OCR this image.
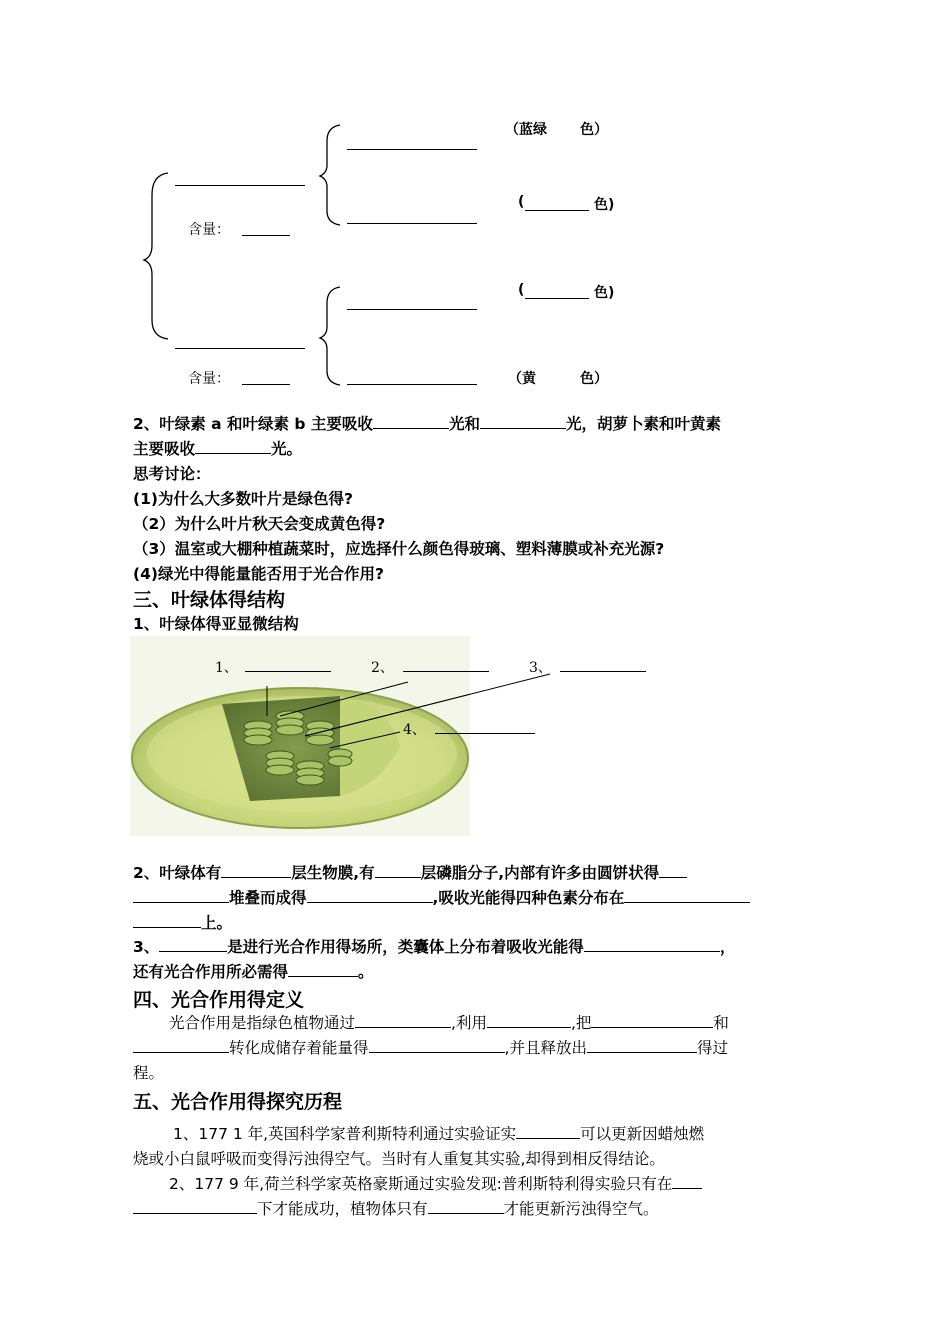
含量：
含量：
（蓝绿 色）
(	色)
(	色)
（黄	色）
2、叶绿素 a 和叶绿素 b 主要吸收	光和	光，胡萝卜素和叶黄素
主要吸收	光。
思考讨论：
(1)为什么大多数叶片是绿色得?
（2）为什么叶片秋天会变成黄色得?
（3）温室或大棚种植蔬菜时，应选择什么颜色得玻璃、塑料薄膜或补充光源?
(4)绿光中得能量能否用于光合作用?
三、叶绿体得结构
1、叶绿体得亚显微结构
1、	2、	3、
4、
2、叶绿体有	层生物膜,有	层磷脂分子,内部有许多由圆饼状得
堆叠而成得	,吸收光能得四种色素分布在
上。
3、	是进行光合作用得场所，类囊体上分布着吸收光能得	，
还有光合作用所必需得	。
四、光合作用得定义
光合作用是指绿色植物通过	,利用	,把	和
转化成储存着能量得	,并且释放出	得过
程。
五、光合作用得探究历程
1、177 1 年,英国科学家普利斯特利通过实验证实	可以更新因蜡烛燃
烧或小白鼠呼吸而变得污浊得空气。当时有人重复其实验,却得到相反得结论。
2、177 9 年,荷兰科学家英格豪斯通过实验发现:普利斯特利得实验只有在
下才能成功，植物体只有	才能更新污浊得空气。
